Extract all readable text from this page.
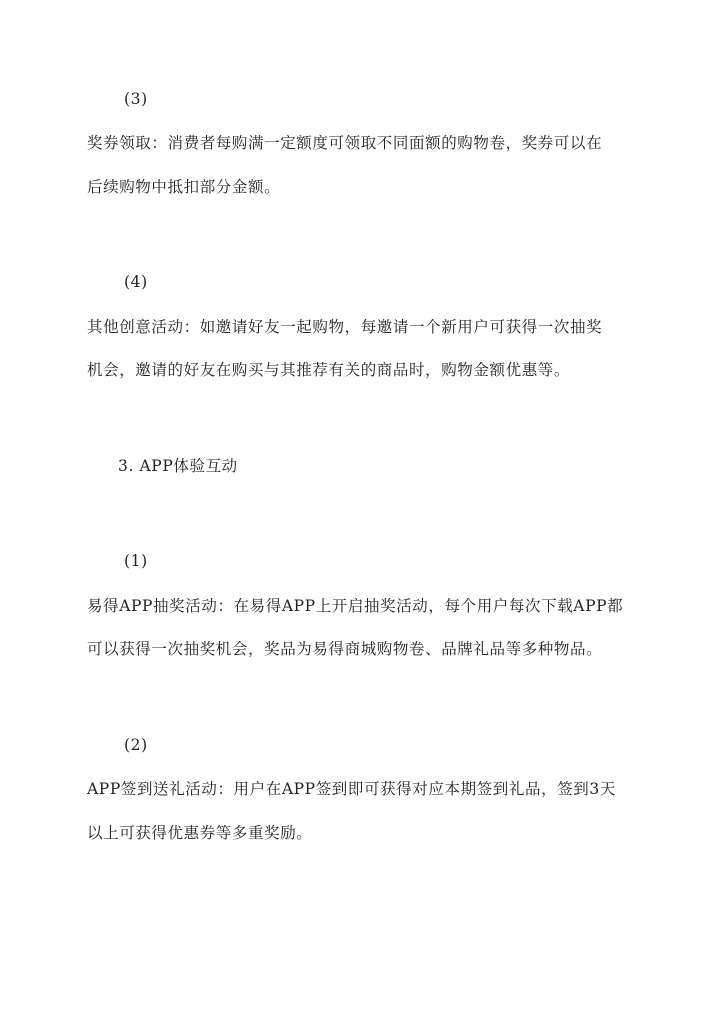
(3)
奖券领取：消费者每购满一定额度可领取不同面额的购物卷，奖券可以在
后续购物中抵扣部分金额。
(4)
其他创意活动：如邀请好友一起购物，每邀请一个新用户可获得一次抽奖
机会，邀请的好友在购买与其推荐有关的商品时，购物金额优惠等。
3. APP体验互动
(1)
易得APP抽奖活动：在易得APP上开启抽奖活动，每个用户每次下载APP都
可以获得一次抽奖机会，奖品为易得商城购物卷、品牌礼品等多种物品。
(2)
APP签到送礼活动：用户在APP签到即可获得对应本期签到礼品，签到3天
以上可获得优惠券等多重奖励。
